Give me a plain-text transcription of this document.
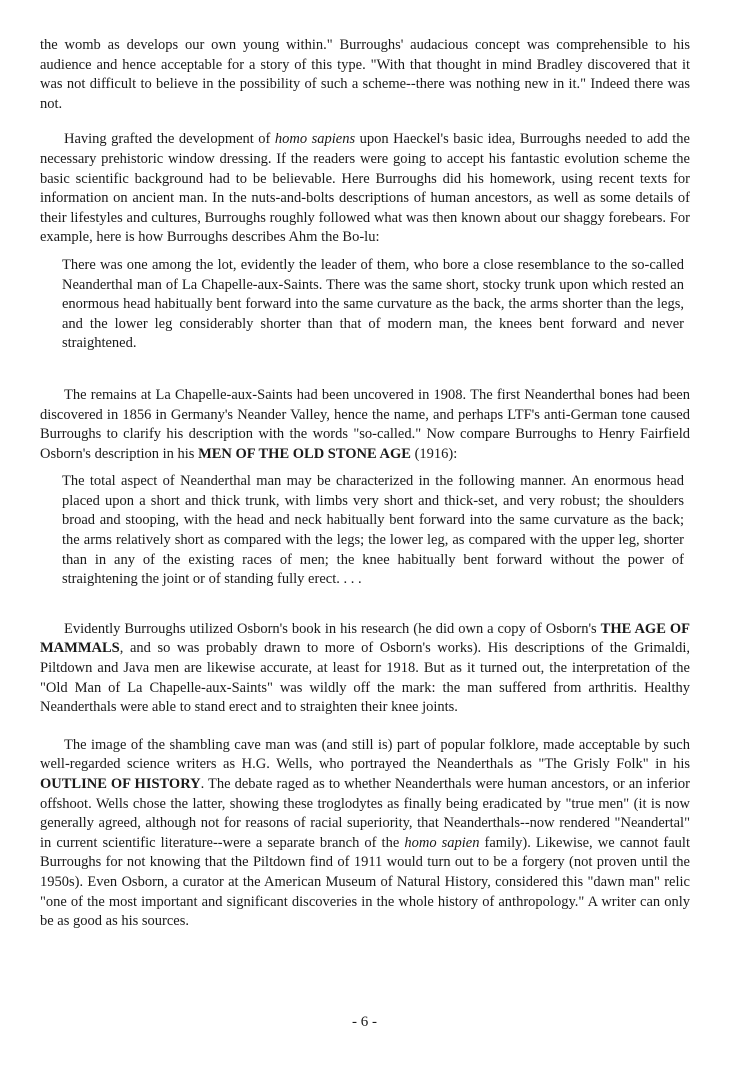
the womb as develops our own young within." Burroughs' audacious concept was comprehensible to his audience and hence acceptable for a story of this type. "With that thought in mind Bradley discovered that it was not difficult to believe in the possibility of such a scheme--there was nothing new in it." Indeed there was not.

Having grafted the development of homo sapiens upon Haeckel's basic idea, Burroughs needed to add the necessary prehistoric window dressing. If the readers were going to accept his fantastic evolution scheme the basic scientific background had to be believable. Here Burroughs did his homework, using recent texts for information on ancient man. In the nuts-and-bolts descriptions of human ancestors, as well as some details of their lifestyles and cultures, Burroughs roughly followed what was then known about our shaggy forebears. For example, here is how Burroughs describes Ahm the Bo-lu:

There was one among the lot, evidently the leader of them, who bore a close resemblance to the so-called Neanderthal man of La Chapelle-aux-Saints. There was the same short, stocky trunk upon which rested an enormous head habitually bent forward into the same curvature as the back, the arms shorter than the legs, and the lower leg considerably shorter than that of modern man, the knees bent forward and never straightened.

The remains at La Chapelle-aux-Saints had been uncovered in 1908. The first Neanderthal bones had been discovered in 1856 in Germany's Neander Valley, hence the name, and perhaps LTF's anti-German tone caused Burroughs to clarify his description with the words "so-called." Now compare Burroughs to Henry Fairfield Osborn's description in his MEN OF THE OLD STONE AGE (1916):

The total aspect of Neanderthal man may be characterized in the following manner. An enormous head placed upon a short and thick trunk, with limbs very short and thick-set, and very robust; the shoulders broad and stooping, with the head and neck habitually bent forward into the same curvature as the back; the arms relatively short as compared with the legs; the lower leg, as compared with the upper leg, shorter than in any of the existing races of men; the knee habitually bent forward without the power of straightening the joint or of standing fully erect. . . .

Evidently Burroughs utilized Osborn's book in his research (he did own a copy of Osborn's THE AGE OF MAMMALS, and so was probably drawn to more of Osborn's works). His descriptions of the Grimaldi, Piltdown and Java men are likewise accurate, at least for 1918. But as it turned out, the interpretation of the "Old Man of La Chapelle-aux-Saints" was wildly off the mark: the man suffered from arthritis. Healthy Neanderthals were able to stand erect and to straighten their knee joints.

The image of the shambling cave man was (and still is) part of popular folklore, made acceptable by such well-regarded science writers as H.G. Wells, who portrayed the Neanderthals as "The Grisly Folk" in his OUTLINE OF HISTORY. The debate raged as to whether Neanderthals were human ancestors, or an inferior offshoot. Wells chose the latter, showing these troglodytes as finally being eradicated by "true men" (it is now generally agreed, although not for reasons of racial superiority, that Neanderthals--now rendered "Neandertal" in current scientific literature--were a separate branch of the homo sapien family). Likewise, we cannot fault Burroughs for not knowing that the Piltdown find of 1911 would turn out to be a forgery (not proven until the 1950s). Even Osborn, a curator at the American Museum of Natural History, considered this "dawn man" relic "one of the most important and significant discoveries in the whole history of anthropology." A writer can only be as good as his sources.

- 6 -
